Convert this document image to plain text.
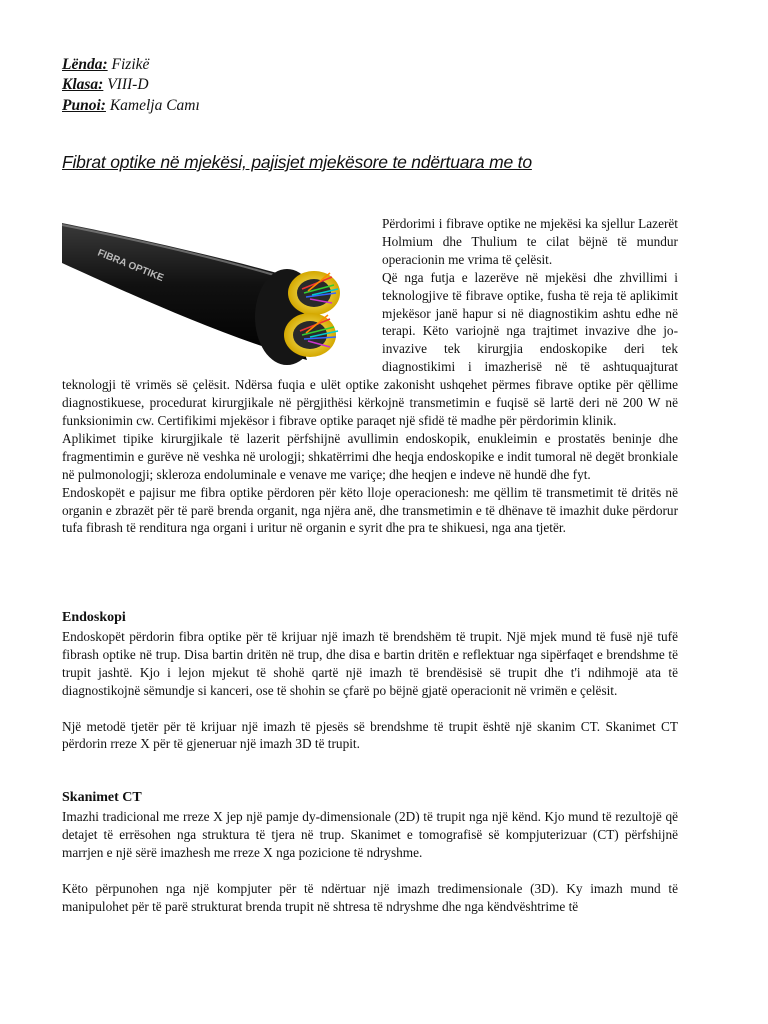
Lënda: Fizikë
Klasa: VIII-D
Punoi: Kamelja Camı
Fibrat optike në mjekësi, pajisjet mjekësore te ndërtuara me to
FIBRA OPTIKE

Përdorimi i fibrave optike ne mjekësi ka sjellur Lazerët Holmium dhe Thulium te cilat bëjnë të mundur operacionin me vrima të çelësit.

Që nga futja e lazerëve në mjekësi dhe zhvillimi i teknologjive të fibrave optike, fusha të reja të aplikimit mjekësor janë hapur si në diagnostikim ashtu edhe në terapi. Këto variojnë nga trajtimet invazive dhe jo-invazive tek kirurgjia endoskopike deri tek diagnostikimi i imazherisë në të ashtuquajturat teknologji të vrimës së çelësit. Ndërsa fuqia e ulët optike zakonisht ushqehet përmes fibrave optike për qëllime diagnostikuese, procedurat kirurgjikale në përgjithësi kërkojnë transmetimin e fuqisë së lartë deri në 200 W në funksionimin cw. Certifikimi mjekësor i fibrave optike paraqet një sfidë të madhe për përdorimin klinik.

Aplikimet tipike kirurgjikale të lazerit përfshijnë avullimin endoskopik, enukleimin e prostatës beninje dhe fragmentimin e gurëve në veshka në urologji; shkatërrimi dhe heqja endoskopike e indit tumoral në degët bronkiale në pulmonologji; skleroza endoluminale e venave me variçe; dhe heqjen e indeve në hundë dhe fyt.

Endoskopët e pajisur me fibra optike përdoren për këto lloje operacionesh: me qëllim të transmetimit të dritës në organin e zbrazët për të parë brenda organit, nga njëra anë, dhe transmetimin e të dhënave të imazhit duke përdorur tufa fibrash të renditura nga organi i uritur në organin e syrit dhe pra te shikuesi, nga ana tjetër.

Endoskopi

Endoskopët përdorin fibra optike për të krijuar një imazh të brendshëm të trupit. Një mjek mund të fusë një tufë fibrash optike në trup. Disa bartin dritën në trup, dhe disa e bartin dritën e reflektuar nga sipërfaqet e brendshme të trupit jashtë. Kjo i lejon mjekut të shohë qartë një imazh të brendësisë së trupit dhe t'i ndihmojë ata të diagnostikojnë sëmundje si kanceri, ose të shohin se çfarë po bëjnë gjatë operacionit në vrimën e çelësit.

Një metodë tjetër për të krijuar një imazh të pjesës së brendshme të trupit është një skanim CT. Skanimet CT përdorin rreze X për të gjeneruar një imazh 3D të trupit.

Skanimet CT

Imazhi tradicional me rreze X jep një pamje dy-dimensionale (2D) të trupit nga një kënd. Kjo mund të rezultojë që detajet të errësohen nga struktura të tjera në trup. Skanimet e tomografisë së kompjuterizuar (CT) përfshijnë marrjen e një sërë imazhesh me rreze X nga pozicione të ndryshme.

Këto përpunohen nga një kompjuter për të ndërtuar një imazh tredimensionale (3D). Ky imazh mund të manipulohet për të parë strukturat brenda trupit në shtresa të ndryshme dhe nga këndvështrime të
